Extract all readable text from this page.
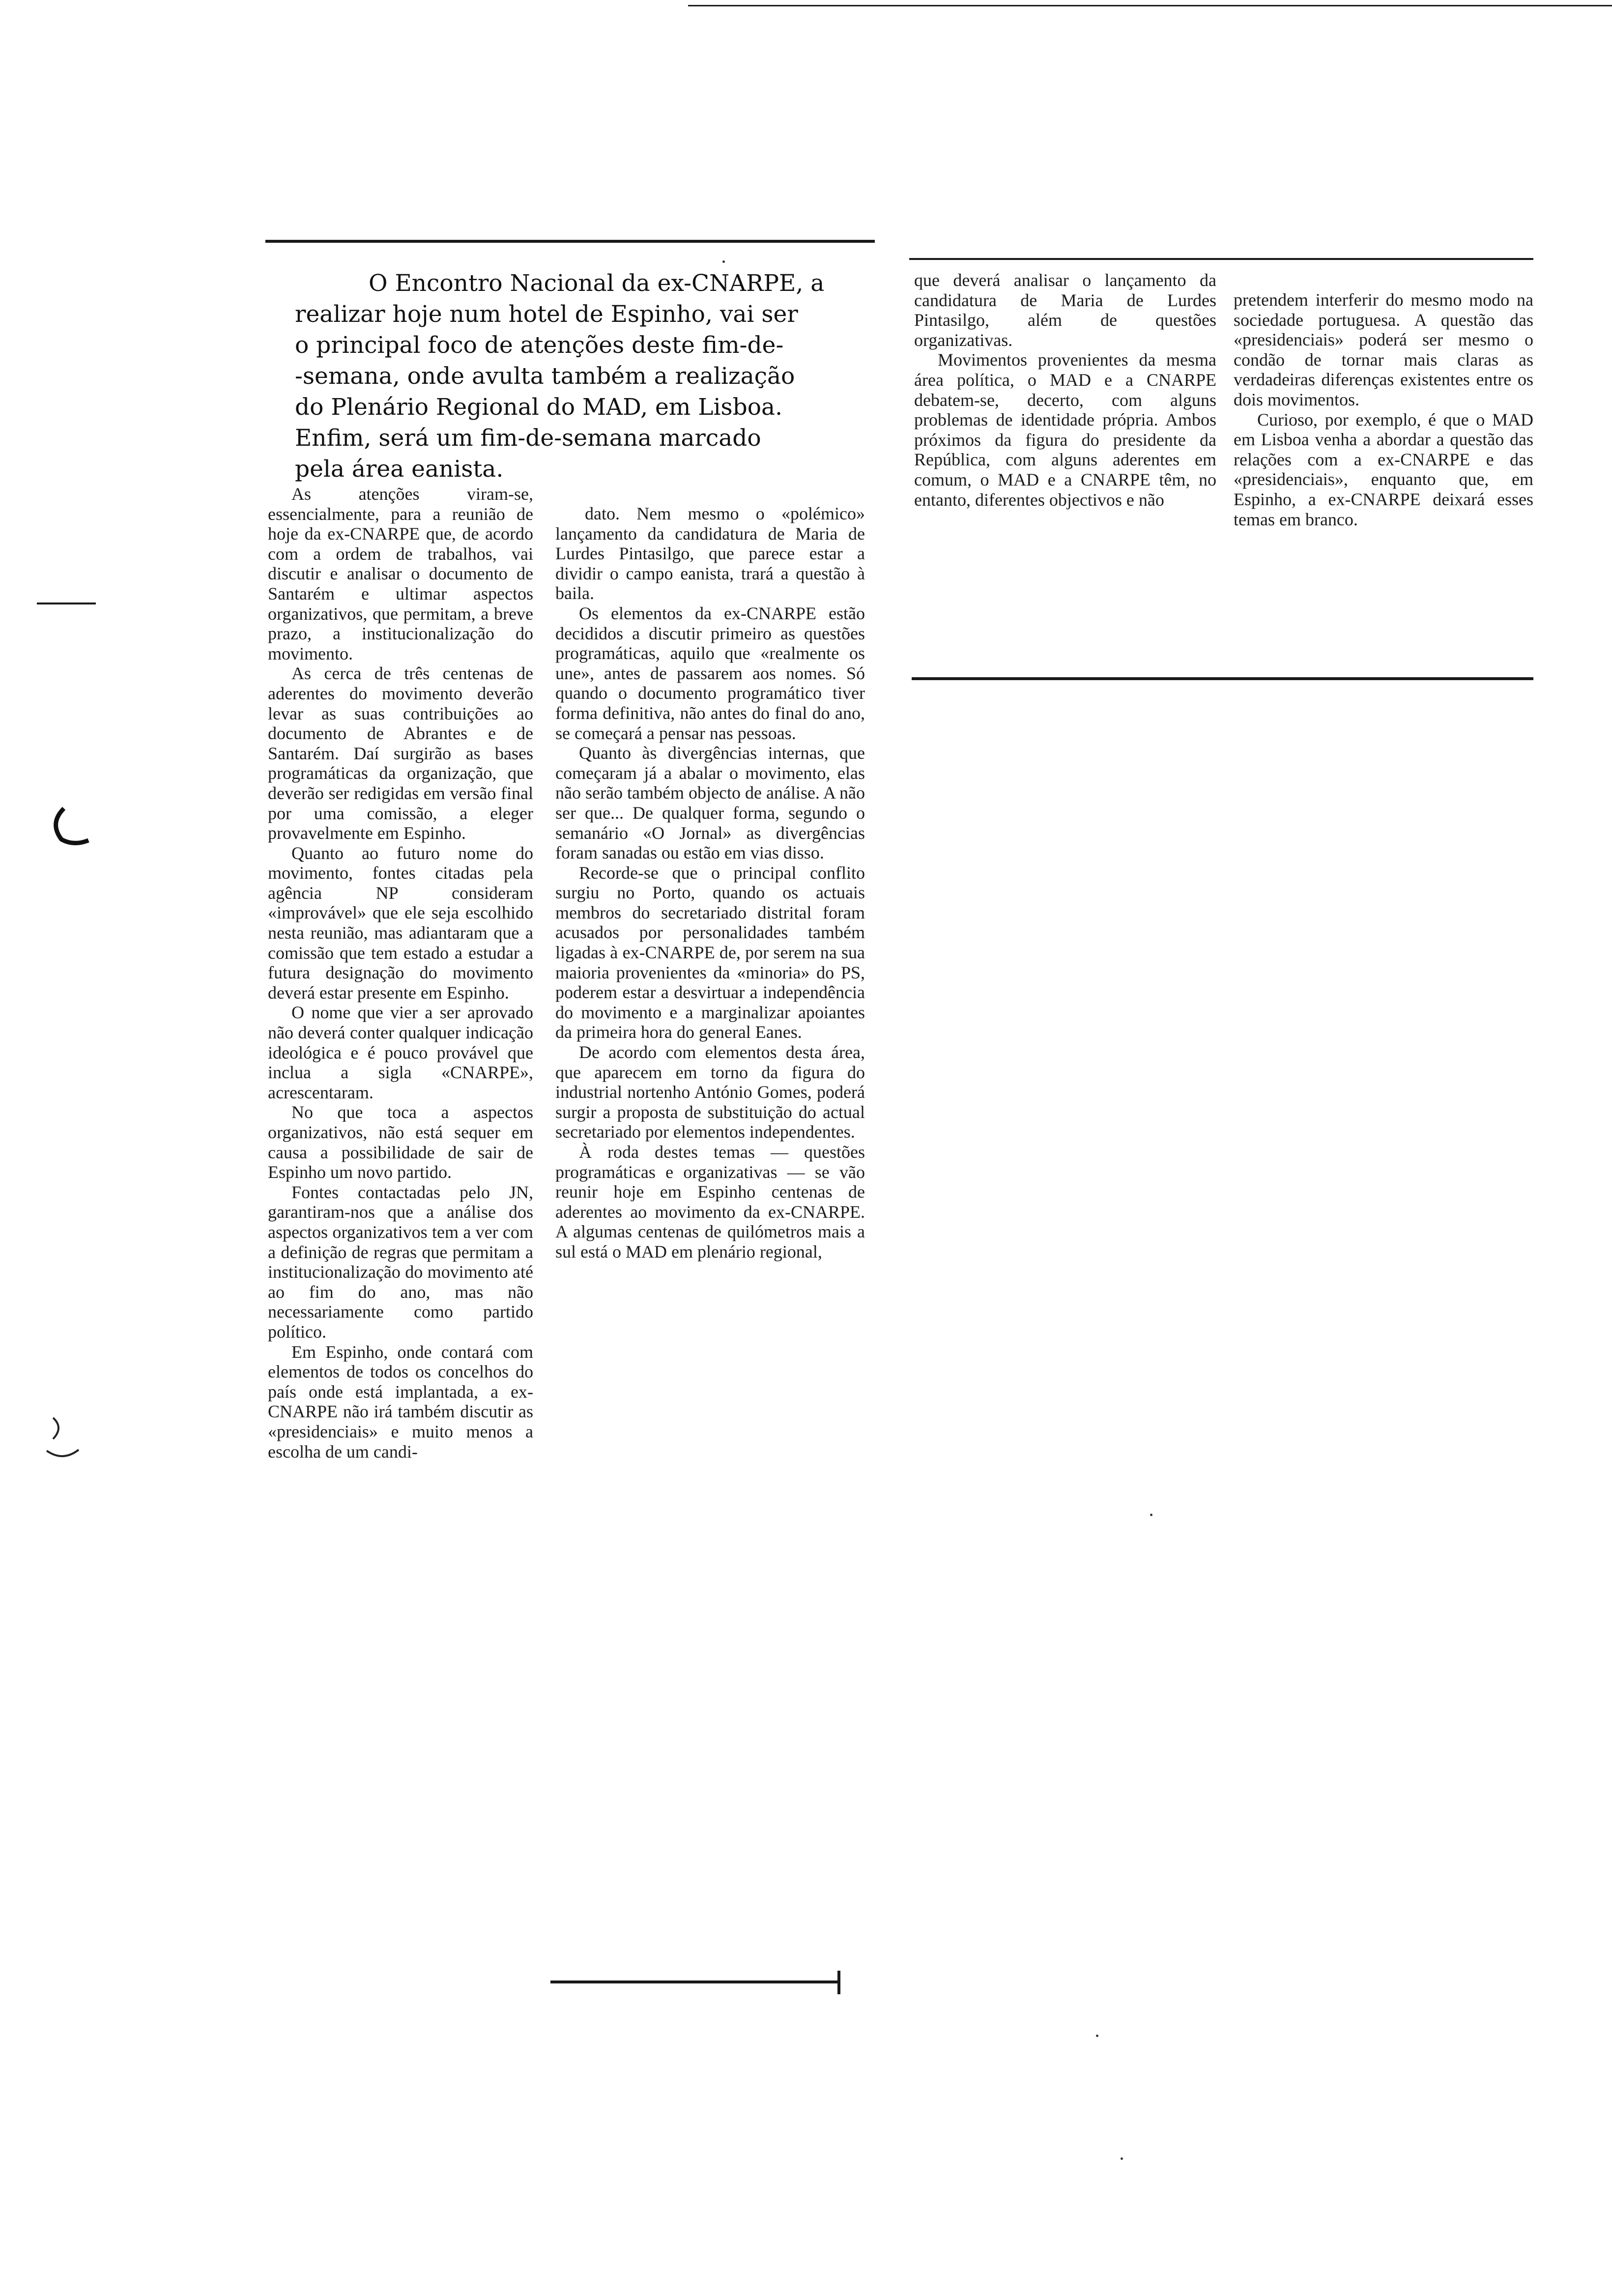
O Encontro Nacional da ex-CNARPE, a
realizar hoje num hotel de Espinho, vai ser
o principal foco de atenções deste fim-de-
-semana, onde avulta também a realização
do Plenário Regional do MAD, em Lisboa.
Enfim, será um fim-de-semana marcado
pela área eanista.

As atenções viram-se, essencialmente, para a reunião de hoje da ex-CNARPE que, de acordo com a ordem de trabalhos, vai discutir e analisar o documento de Santarém e ultimar aspectos organizativos, que permitam, a breve prazo, a institucionalização do movimento.

As cerca de três centenas de aderentes do movimento deverão levar as suas contribuições ao documento de Abrantes e de Santarém. Daí surgirão as bases programáticas da organização, que deverão ser redigidas em versão final por uma comissão, a eleger provavelmente em Espinho.

Quanto ao futuro nome do movimento, fontes citadas pela agência NP consideram «improvável» que ele seja escolhido nesta reunião, mas adiantaram que a comissão que tem estado a estudar a futura designação do movimento deverá estar presente em Espinho.

O nome que vier a ser aprovado não deverá conter qualquer indicação ideológica e é pouco provável que inclua a sigla «CNARPE», acrescentaram.

No que toca a aspectos organizativos, não está sequer em causa a possibilidade de sair de Espinho um novo partido.

Fontes contactadas pelo JN, garantiram-nos que a análise dos aspectos organizativos tem a ver com a definição de regras que permitam a institucionalização do movimento até ao fim do ano, mas não necessariamente como partido político.

Em Espinho, onde contará com elementos de todos os concelhos do país onde está implantada, a ex-CNARPE não irá também discutir as «presidenciais» e muito menos a escolha de um candi-

dato. Nem mesmo o «polémico» lançamento da candidatura de Maria de Lurdes Pintasilgo, que parece estar a dividir o campo eanista, trará a questão à baila.

Os elementos da ex-CNARPE estão decididos a discutir primeiro as questões programáticas, aquilo que «realmente os une», antes de passarem aos nomes. Só quando o documento programático tiver forma definitiva, não antes do final do ano, se começará a pensar nas pessoas.

Quanto às divergências internas, que começaram já a abalar o movimento, elas não serão também objecto de análise. A não ser que... De qualquer forma, segundo o semanário «O Jornal» as divergências foram sanadas ou estão em vias disso.

Recorde-se que o principal conflito surgiu no Porto, quando os actuais membros do secretariado distrital foram acusados por personalidades também ligadas à ex-CNARPE de, por serem na sua maioria provenientes da «minoria» do PS, poderem estar a desvirtuar a independência do movimento e a marginalizar apoiantes da primeira hora do general Eanes.

De acordo com elementos desta área, que aparecem em torno da figura do industrial nortenho António Gomes, poderá surgir a proposta de substituição do actual secretariado por elementos independentes.

À roda destes temas — questões programáticas e organizativas — se vão reunir hoje em Espinho centenas de aderentes ao movimento da ex-CNARPE. A algumas centenas de quilómetros mais a sul está o MAD em plenário regional,

que deverá analisar o lançamento da candidatura de Maria de Lurdes Pintasilgo, além de questões organizativas.

Movimentos provenientes da mesma área política, o MAD e a CNARPE debatem-se, decerto, com alguns problemas de identidade própria. Ambos próximos da figura do presidente da República, com alguns aderentes em comum, o MAD e a CNARPE têm, no entanto, diferentes objectivos e não

pretendem interferir do mesmo modo na sociedade portuguesa. A questão das «presidenciais» poderá ser mesmo o condão de tornar mais claras as verdadeiras diferenças existentes entre os dois movimentos.

Curioso, por exemplo, é que o MAD em Lisboa venha a abordar a questão das relações com a ex-CNARPE e das «presidenciais», enquanto que, em Espinho, a ex-CNARPE deixará esses temas em branco.
